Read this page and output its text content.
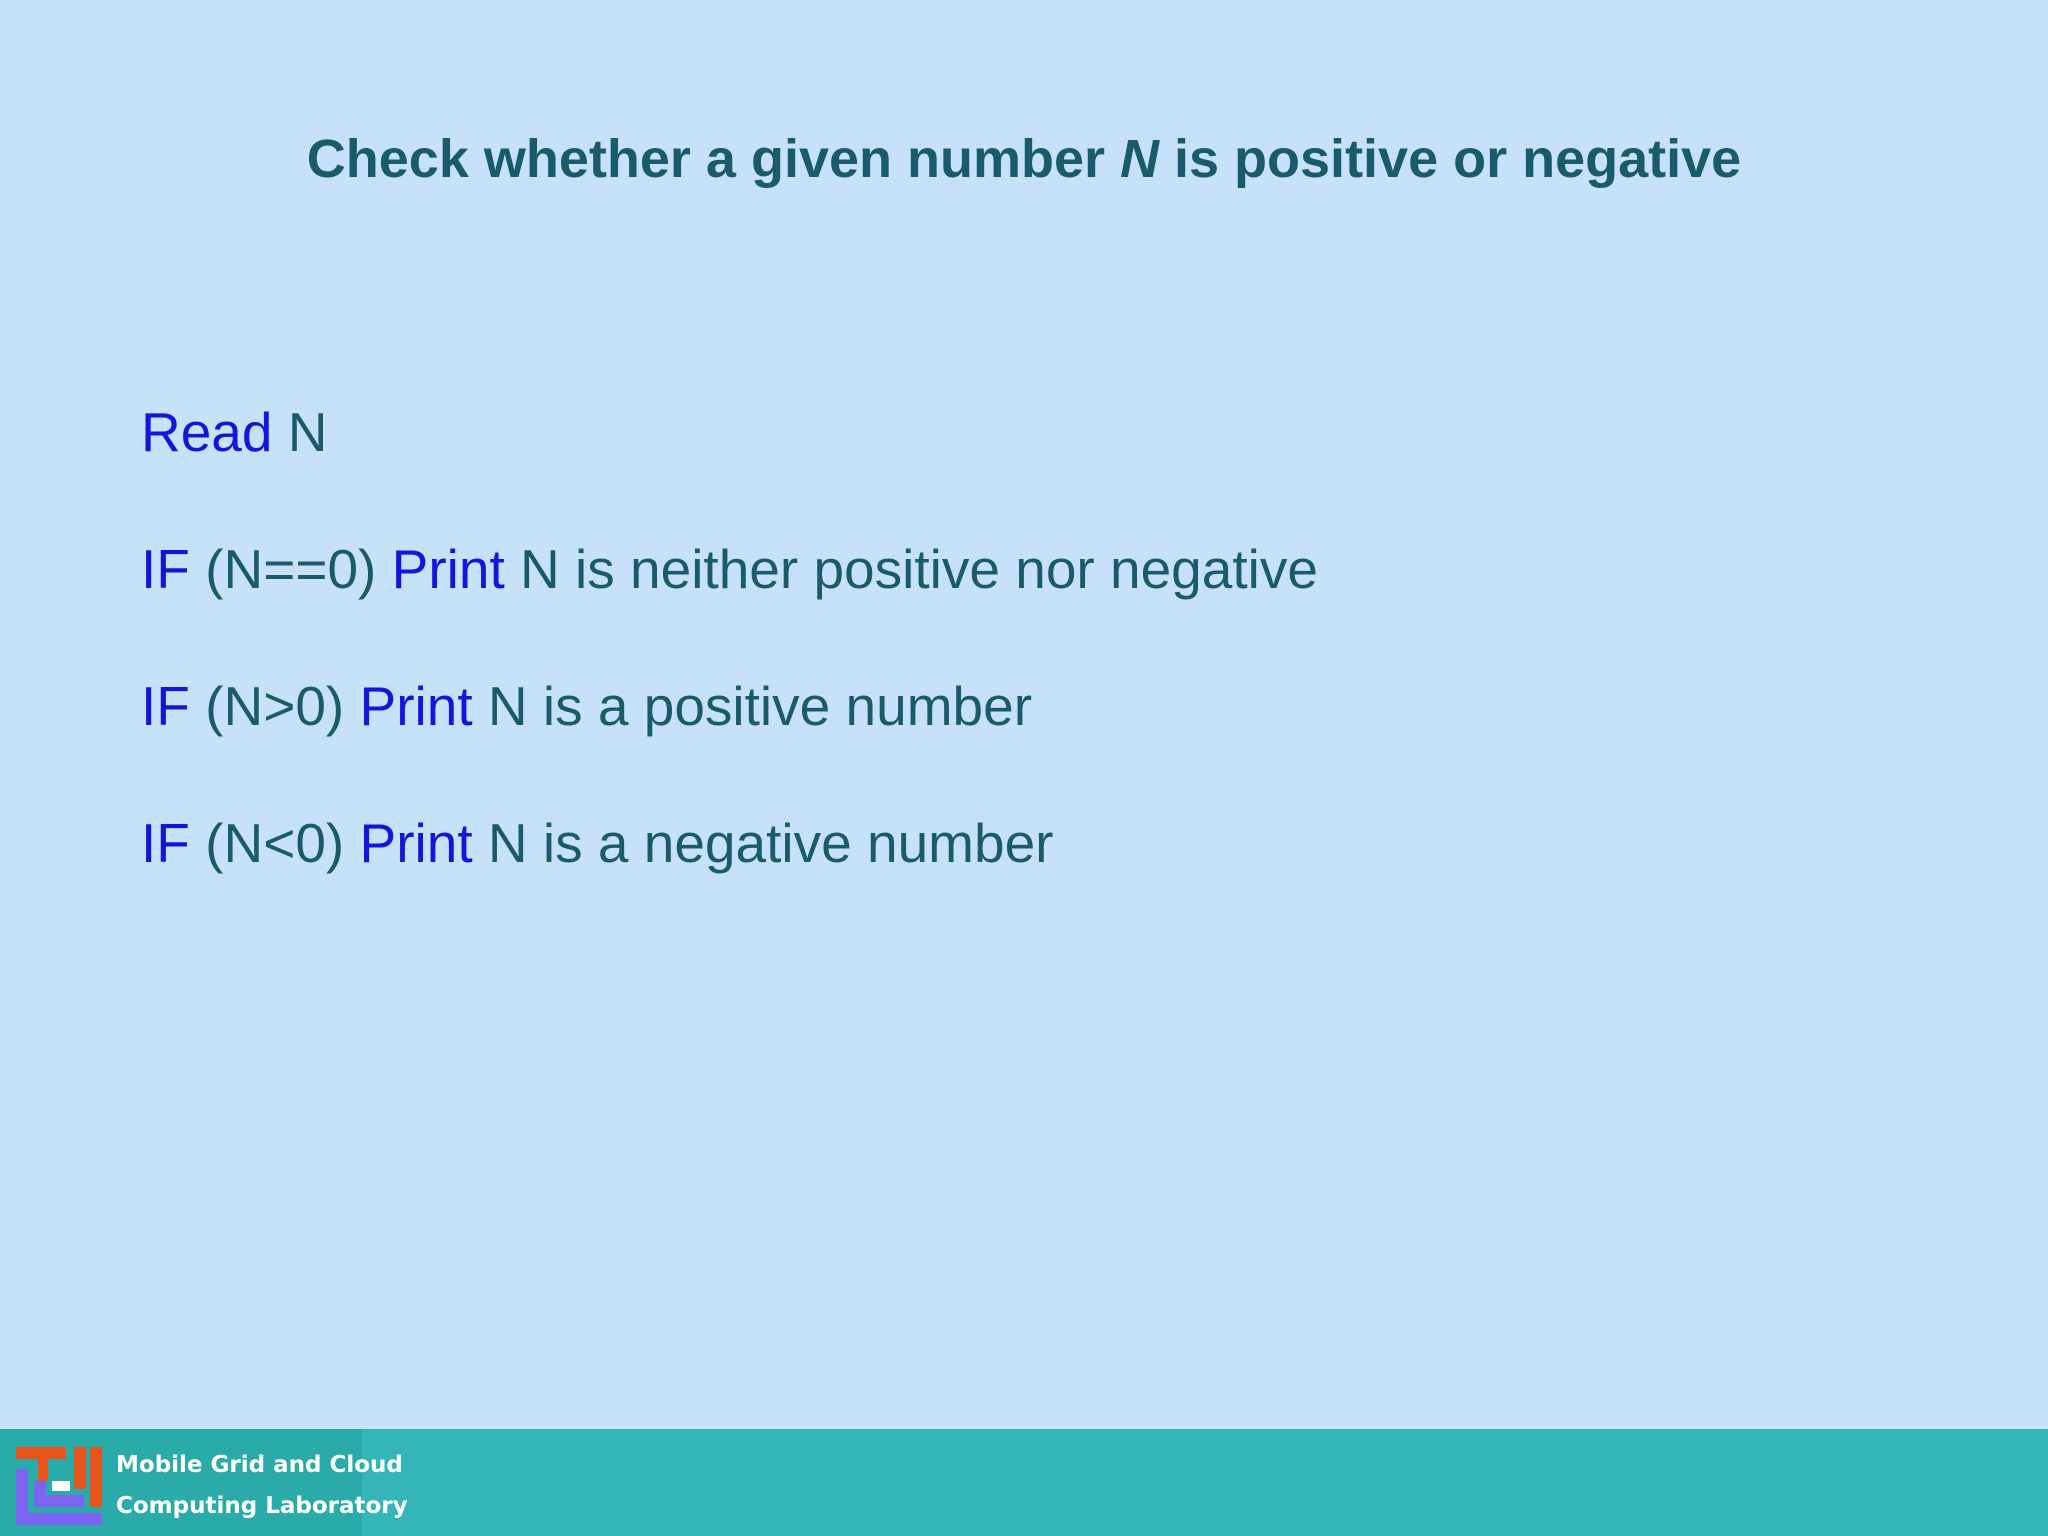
Check whether a given number N is positive or negative
Read N
IF (N==0) Print N is neither positive nor negative
IF (N>0) Print N is a positive number
IF (N<0) Print N is a negative number
Mobile Grid and Cloud
Computing Laboratory
